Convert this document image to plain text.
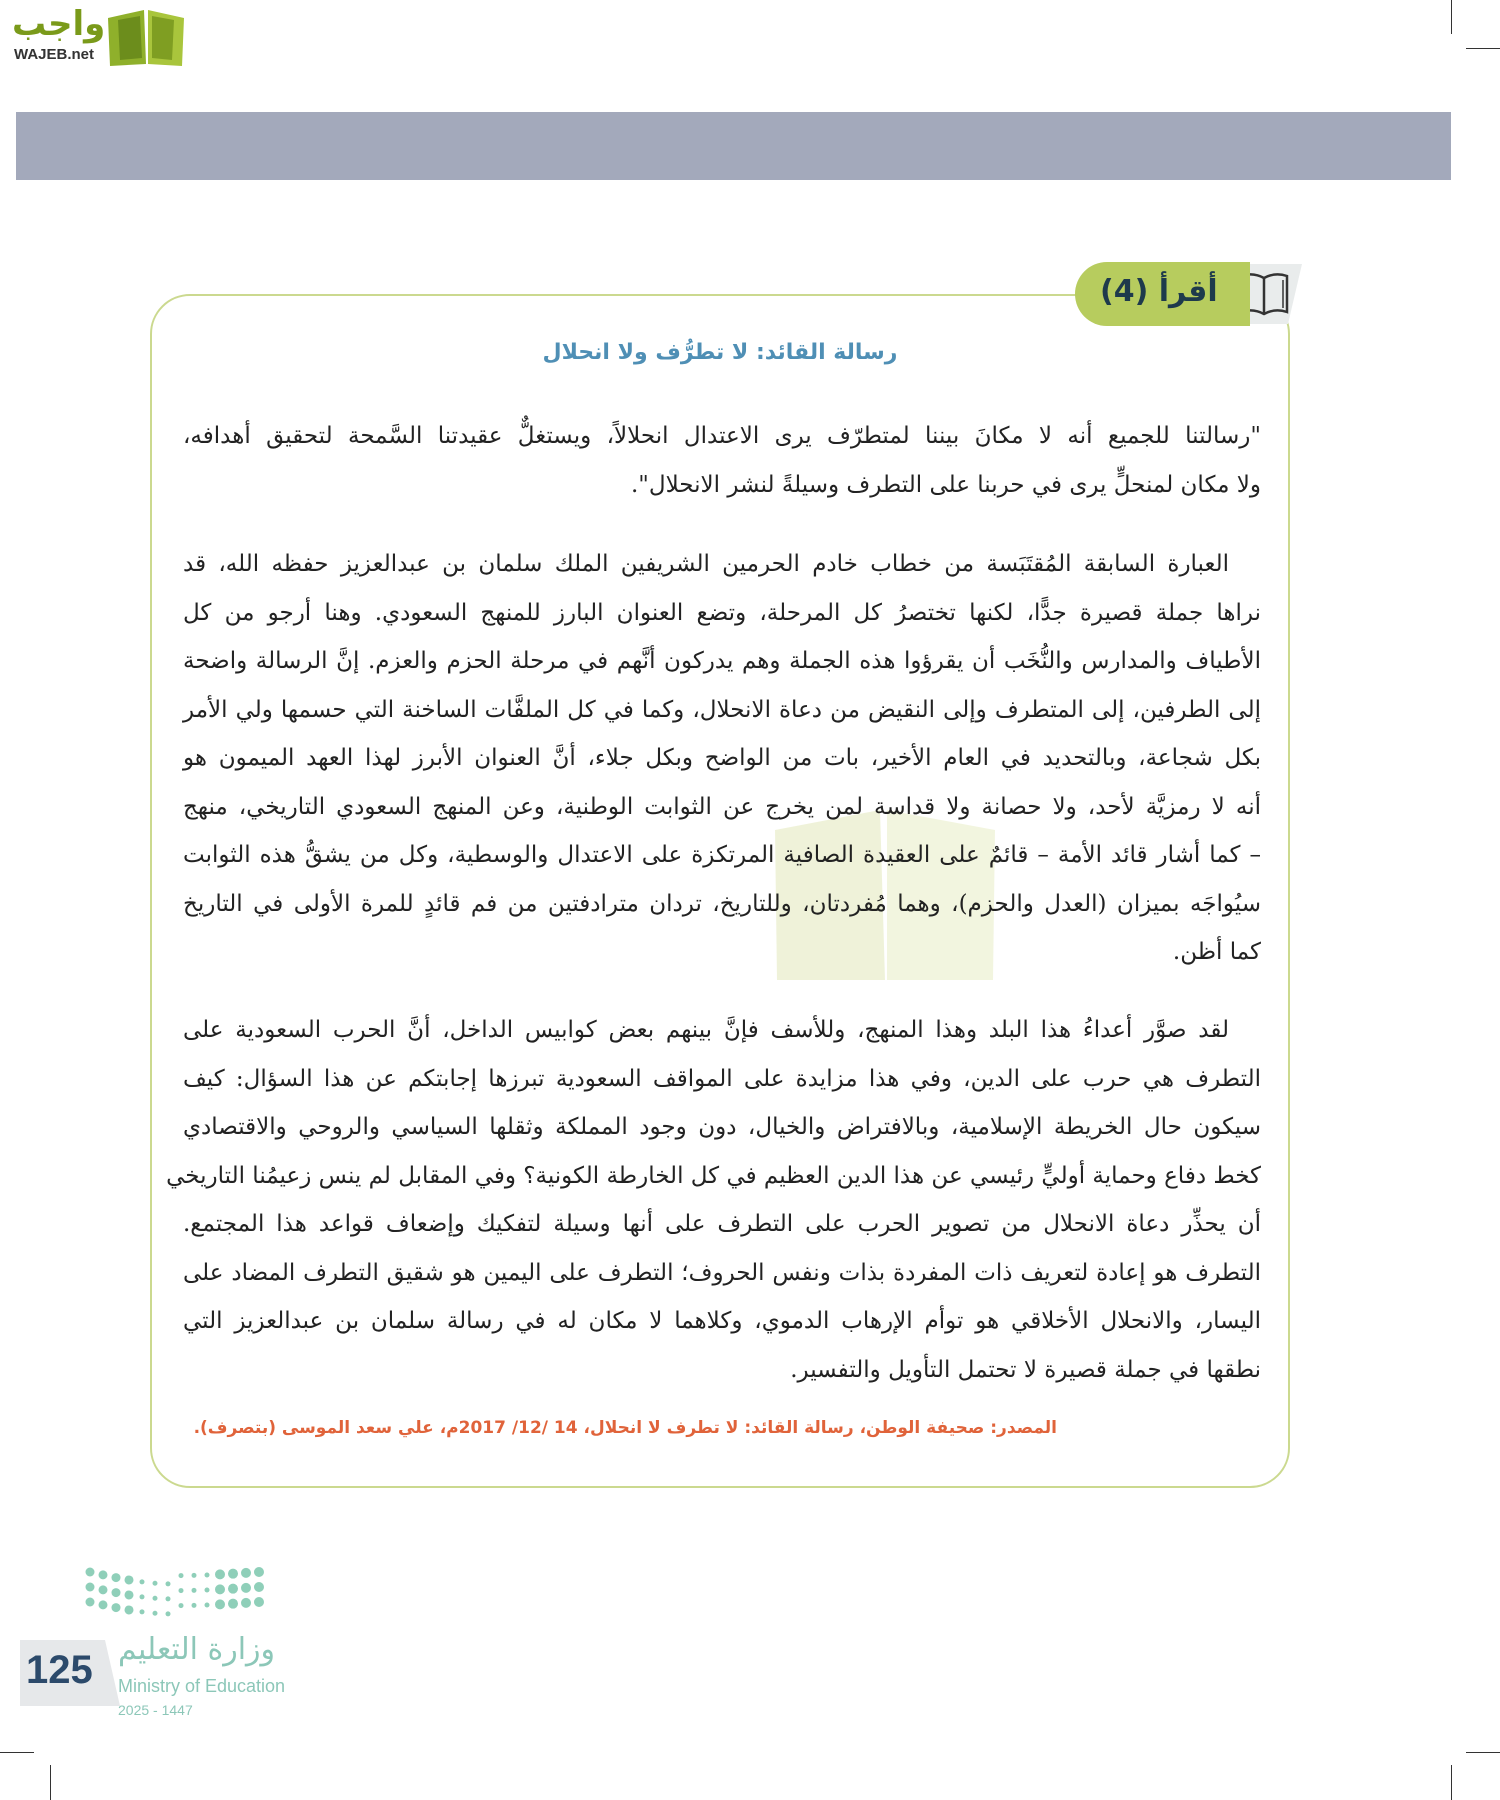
واجب
WAJEB.net
أقرأ (4)
رسالة القائد: لا تطرُّف ولا انحلال
"رسالتنا للجميع أنه لا مكانَ بيننا لمتطرّف يرى الاعتدال انحلالاً، ويستغلٌّ عقيدتنا السَّمحة لتحقيق أهدافه،
ولا مكان لمنحلٍّ يرى في حربنا على التطرف وسيلةً لنشر الانحلال".
العبارة السابقة المُقتَبَسة من خطاب خادم الحرمين الشريفين الملك سلمان بن عبدالعزيز حفظه الله، قد
نراها جملة قصيرة جدًّا، لكنها تختصرُ كل المرحلة، وتضع العنوان البارز للمنهج السعودي. وهنا أرجو من كل
الأطياف والمدارس والنُّخَب أن يقرؤوا هذه الجملة وهم يدركون أنَّهم في مرحلة الحزم والعزم. إنَّ الرسالة واضحة
إلى الطرفين، إلى المتطرف وإلى النقيض من دعاة الانحلال، وكما في كل الملفَّات الساخنة التي حسمها ولي الأمر
بكل شجاعة، وبالتحديد في العام الأخير، بات من الواضح وبكل جلاء، أنَّ العنوان الأبرز لهذا العهد الميمون هو
أنه لا رمزيَّة لأحد، ولا حصانة ولا قداسة لمن يخرج عن الثوابت الوطنية، وعن المنهج السعودي التاريخي، منهج
– كما أشار قائد الأمة – قائمٌ على العقيدة الصافية المرتكزة على الاعتدال والوسطية، وكل من يشقُّ هذه الثوابت
سيُواجَه بميزان (العدل والحزم)، وهما مُفردتان، وللتاريخ، تردان مترادفتين من فم قائدٍ للمرة الأولى في التاريخ
كما أظن.
لقد صوَّر أعداءُ هذا البلد وهذا المنهج، وللأسف فإنَّ بينهم بعض كوابيس الداخل، أنَّ الحرب السعودية على
التطرف هي حرب على الدين، وفي هذا مزايدة على المواقف السعودية تبرزها إجابتكم عن هذا السؤال: كيف
سيكون حال الخريطة الإسلامية، وبالافتراض والخيال، دون وجود المملكة وثقلها السياسي والروحي والاقتصادي
كخط دفاع وحماية أوليٍّ رئيسي عن هذا الدين العظيم في كل الخارطة الكونية؟ وفي المقابل لم ينس زعيمُنا التاريخي
أن يحذِّر دعاة الانحلال من تصوير الحرب على التطرف على أنها وسيلة لتفكيك وإضعاف قواعد هذا المجتمع.
التطرف هو إعادة لتعريف ذات المفردة بذات ونفس الحروف؛ التطرف على اليمين هو شقيق التطرف المضاد على
اليسار، والانحلال الأخلاقي هو توأم الإرهاب الدموي، وكلاهما لا مكان له في رسالة سلمان بن عبدالعزيز التي
نطقها في جملة قصيرة لا تحتمل التأويل والتفسير.
المصدر: صحيفة الوطن، رسالة القائد: لا تطرف لا انحلال، 14 /12/ 2017م، علي سعد الموسى (بتصرف).
125 وزارة التعليم
Ministry of Education
2025 - 1447
